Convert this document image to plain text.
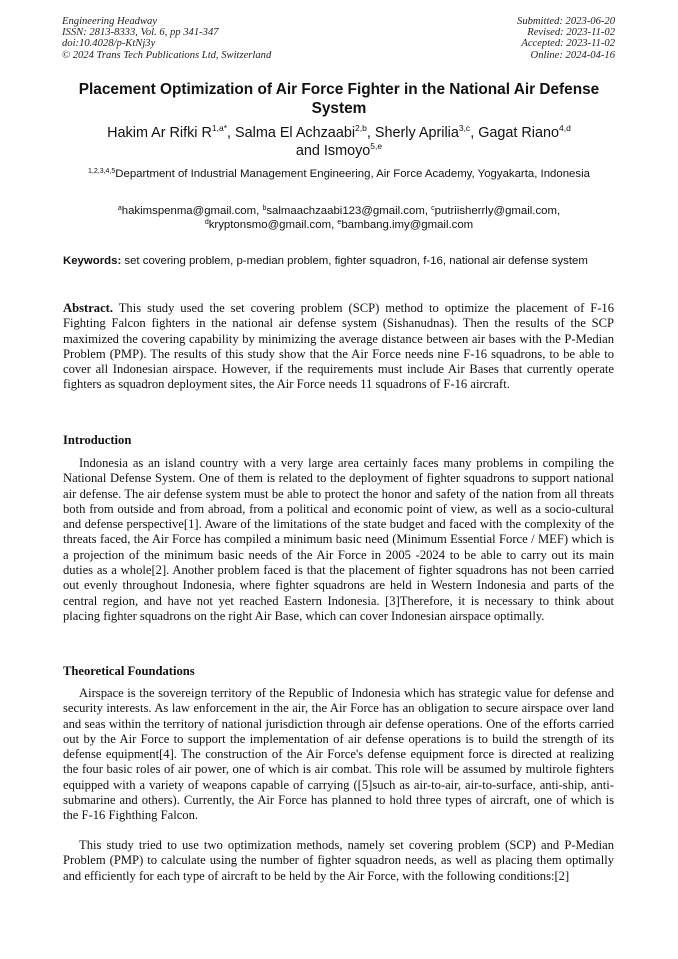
Engineering Headway
ISSN: 2813-8333, Vol. 6, pp 341-347
doi:10.4028/p-KtNj3y
© 2024 Trans Tech Publications Ltd, Switzerland
Submitted: 2023-06-20
Revised: 2023-11-02
Accepted: 2023-11-02
Online: 2024-04-16
Placement Optimization of Air Force Fighter in the National Air Defense System
Hakim Ar Rifki $R^{1,a*}$, Salma El Achzaabi$^{2,b}$, Sherly Aprilia$^{3,c}$, Gagat Riano$^{4,d}$
and Ismoyo$^{5,e}$
$^{1,2,3,4,5}$Department of Industrial Management Engineering, Air Force Academy, Yogyakarta, Indonesia
$^a$hakimspenma@gmail.com, $^b$salmaachzaabi123@gmail.com, $^c$putriisherrly@gmail.com,
$^d$kryptonsmo@gmail.com, $^e$bambang.imy@gmail.com
Keywords: set covering problem, p-median problem, fighter squadron, f-16, national air defense system
Abstract. This study used the set covering problem (SCP) method to optimize the placement of F-16 Fighting Falcon fighters in the national air defense system (Sishanudnas). Then the results of the SCP maximized the covering capability by minimizing the average distance between air bases with the P-Median Problem (PMP). The results of this study show that the Air Force needs nine F-16 squadrons, to be able to cover all Indonesian airspace. However, if the requirements must include Air Bases that currently operate fighters as squadron deployment sites, the Air Force needs 11 squadrons of F-16 aircraft.
Introduction

Indonesia as an island country with a very large area certainly faces many problems in compiling the National Defense System. One of them is related to the deployment of fighter squadrons to support national air defense. The air defense system must be able to protect the honor and safety of the nation from all threats both from outside and from abroad, from a political and economic point of view, as well as a socio-cultural and defense perspective[1]. Aware of the limitations of the state budget and faced with the complexity of the threats faced, the Air Force has compiled a minimum basic need (Minimum Essential Force / MEF) which is a projection of the minimum basic needs of the Air Force in 2005 -2024 to be able to carry out its main duties as a whole[2]. Another problem faced is that the placement of fighter squadrons has not been carried out evenly throughout Indonesia, where fighter squadrons are held in Western Indonesia and parts of the central region, and have not yet reached Eastern Indonesia. [3]Therefore, it is necessary to think about placing fighter squadrons on the right Air Base, which can cover Indonesian airspace optimally.

Theoretical Foundations

Airspace is the sovereign territory of the Republic of Indonesia which has strategic value for defense and security interests. As law enforcement in the air, the Air Force has an obligation to secure airspace over land and seas within the territory of national jurisdiction through air defense operations. One of the efforts carried out by the Air Force to support the implementation of air defense operations is to build the strength of its defense equipment[4]. The construction of the Air Force's defense equipment force is directed at realizing the four basic roles of air power, one of which is air combat. This role will be assumed by multirole fighters equipped with a variety of weapons capable of carrying ([5]such as air-to-air, air-to-surface, anti-ship, anti-submarine and others). Currently, the Air Force has planned to hold three types of aircraft, one of which is the F-16 Fighthing Falcon.

This study tried to use two optimization methods, namely set covering problem (SCP) and P-Median Problem (PMP) to calculate using the number of fighter squadron needs, as well as placing them optimally and efficiently for each type of aircraft to be held by the Air Force, with the following conditions:[2]
